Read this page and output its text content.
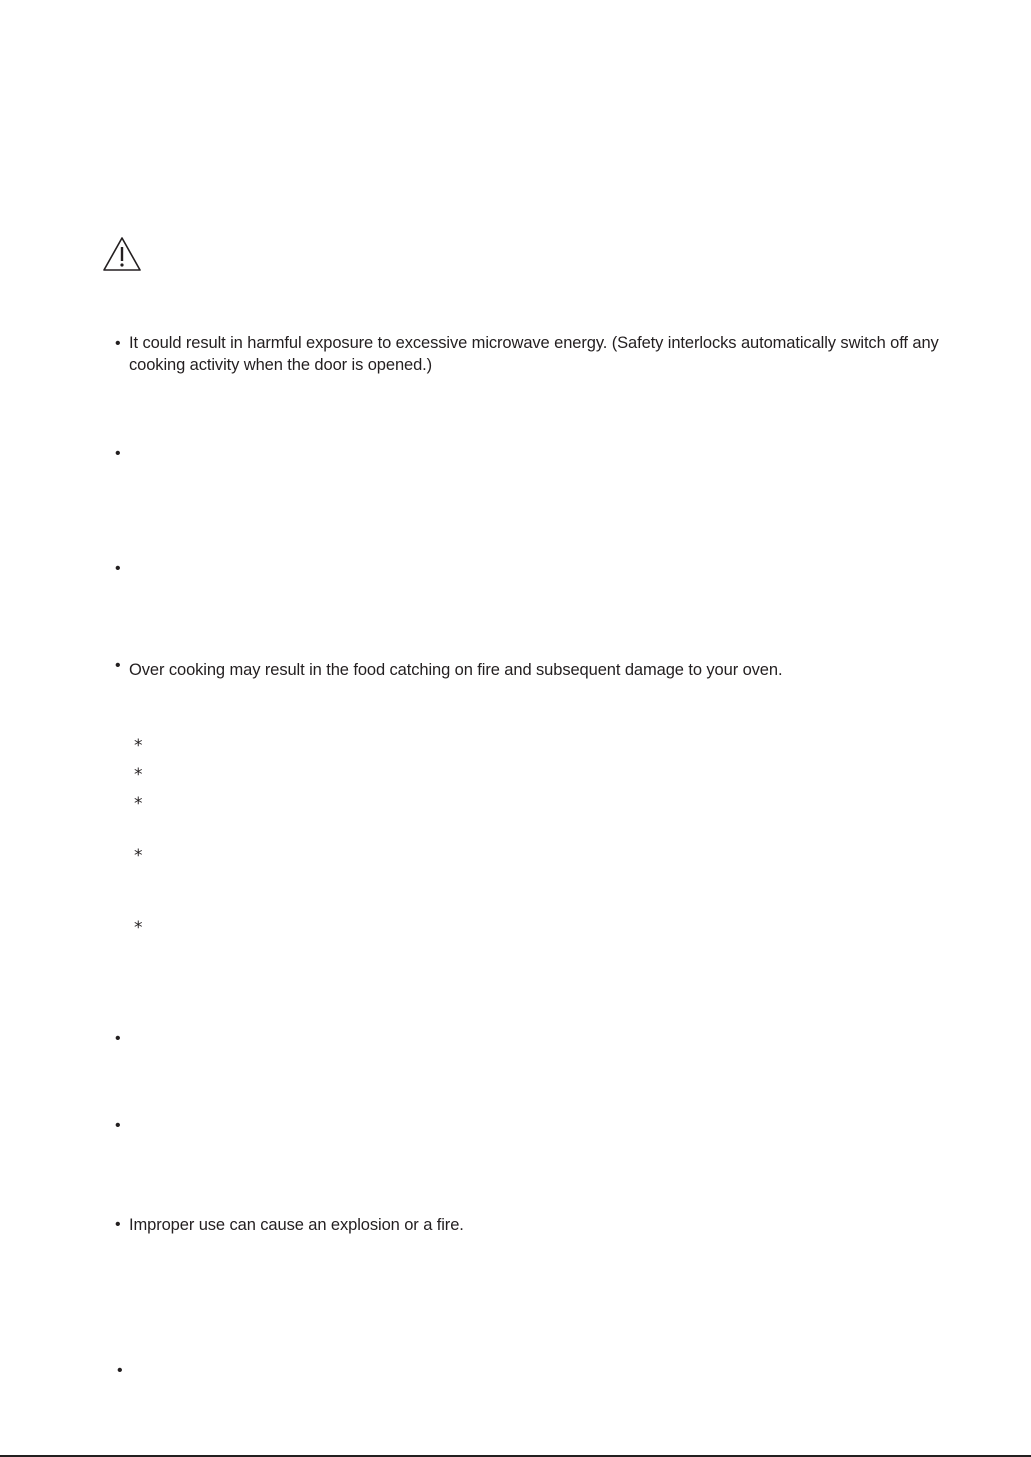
• It could result in harmful exposure to excessive microwave energy. (Safety interlocks automatically switch off any
cooking activity when the door is opened.)
•
•
• Over cooking may result in the food catching on fire and subsequent damage to your oven.
*
*
*
*
*
•
•
• Improper use can cause an explosion or a fire.
•
